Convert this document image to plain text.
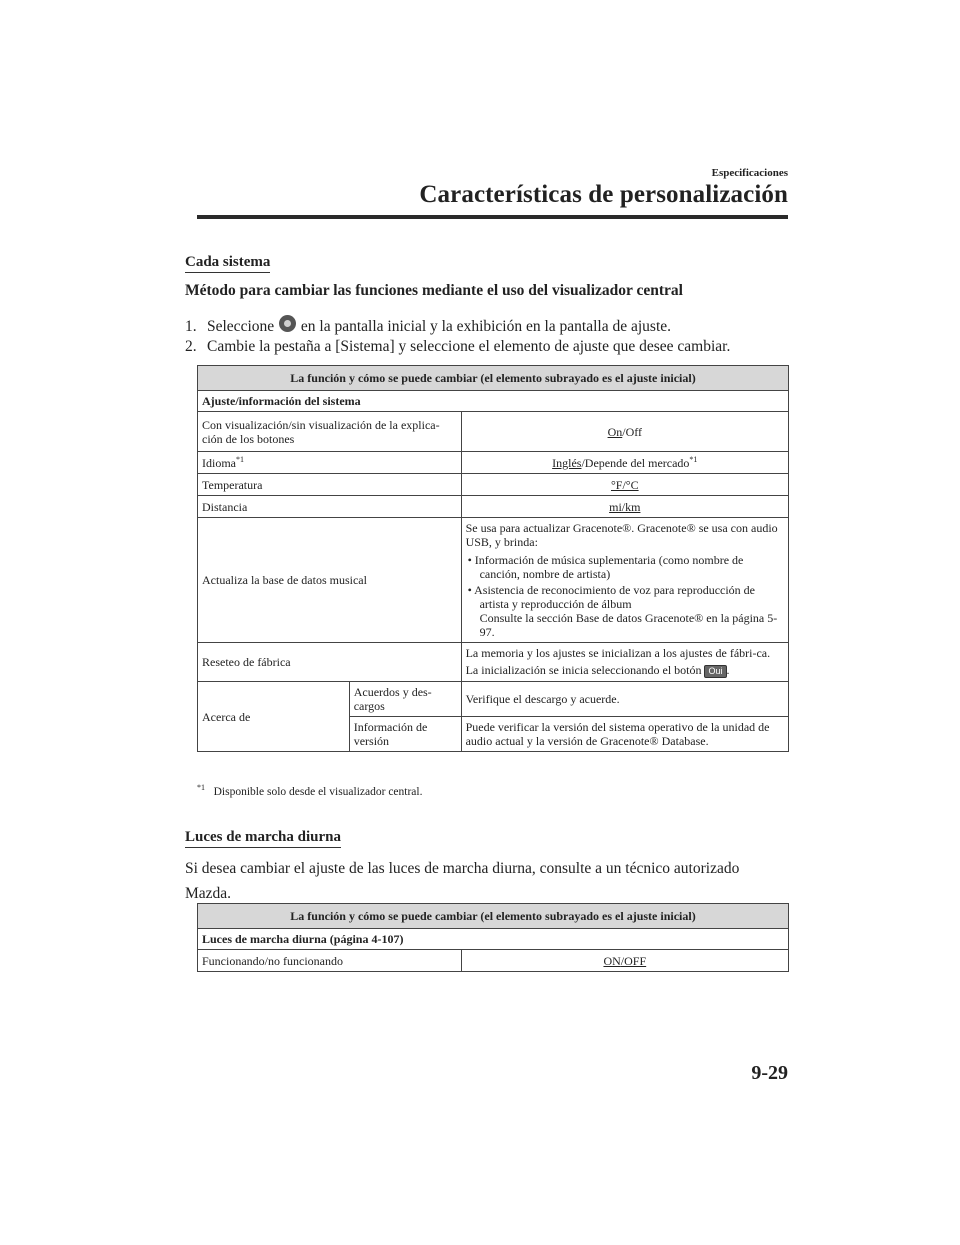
Especificaciones
Características de personalización
Cada sistema
Método para cambiar las funciones mediante el uso del visualizador central
1. Seleccione en la pantalla inicial y la exhibición en la pantalla de ajuste.
2. Cambie la pestaña a [Sistema] y seleccione el elemento de ajuste que desee cambiar.
La función y cómo se puede cambiar (el elemento subrayado es el ajuste inicial)		
Ajuste/información del sistema		
Con visualización/sin visualización de la explica-ción de los botones		On/Off
Idioma$^{*1}$		Inglés/Depende del mercado$^{*1}$
Temperatura		°F/°C
Distancia		mi/km
Actualiza la base de datos musical		Se usa para actualizar Gracenote®. Gracenote® se usa con audio USB, y brinda:
• Información de música suplementaria (como nombre de canción, nombre de artista)
• Asistencia de reconocimiento de voz para reproducción de artista y reproducción de álbum
Consulte la sección Base de datos Gracenote® en la página 5-97.

Reseteo de fábrica		La memoria y los ajustes se inicializan a los ajustes de fábri-ca.
La inicialización se inicia seleccionando el botón Oui .

Acerca de	Acuerdos y des-cargos	Verifique el descargo y acuerde.
	Información de versión	Puede verificar la versión del sistema operativo de la unidad de audio actual y la versión de Gracenote® Database.
$^{*1}$ Disponible solo desde el visualizador central.
Luces de marcha diurna
Si desea cambiar el ajuste de las luces de marcha diurna, consulte a un técnico autorizado Mazda.
La función y cómo se puede cambiar (el elemento subrayado es el ajuste inicial)
Luces de marcha diurna (página 4-107)
Funcionando/no funcionando	ON/OFF
9-29
